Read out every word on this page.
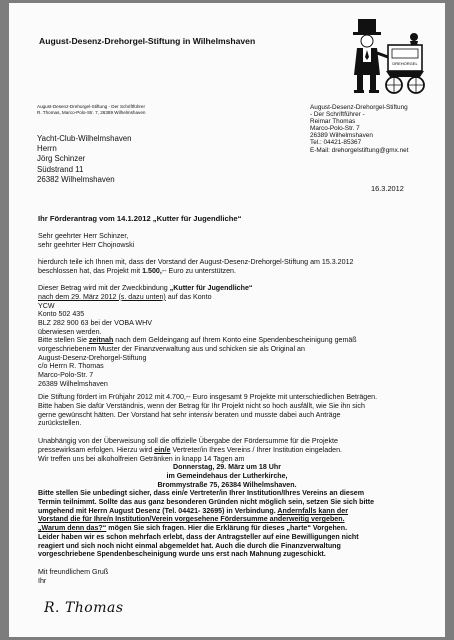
August-Desenz-Drehorgel-Stiftung in Wilhelmshaven
DREHORGEL
August-Desenz-Drehorgel-Stiftung - Der Schriftführer
R. Thomas, Marco-Polo-Str. 7, 26389 Wilhelmshaven
August-Desenz-Drehorgel-Stiftung
- Der Schriftführer -
Reimar Thomas
Marco-Polo-Str. 7
26389 Wilhelmshaven
Tel.: 04421-85367
E-Mail: drehorgelstiftung@gmx.net
Yacht-Club-Wilhelmshaven
Herrn
Jörg Schinzer
Südstrand 11
26382 Wilhelmshaven
16.3.2012
Ihr Förderantrag vom 14.1.2012 „Kutter für Jugendliche“
Sehr geehrter Herr Schinzer,
sehr geehrter Herr Chojnowski
hierdurch teile ich Ihnen mit, dass der Vorstand der August-Desenz-Drehorgel-Stiftung am 15.3.2012
beschlossen hat, das Projekt mit 1.500,-- Euro zu unterstützen.
Dieser Betrag wird mit der Zweckbindung „Kutter für Jugendliche“
nach dem 29. März 2012 (s. dazu unten) auf das Konto
YCW
Konto 502 435
BLZ 282 900 63 bei der VOBA WHV
überwiesen werden.
Bitte stellen Sie zeitnah nach dem Geldeingang auf Ihrem Konto eine Spendenbescheinigung gemäß
vorgeschriebenem Muster der Finanzverwaltung aus und schicken sie als Original an
August-Desenz-Drehorgel-Stiftung
c/o Herrn R. Thomas
Marco-Polo-Str. 7
26389 Wilhelmshaven
Die Stiftung fördert im Frühjahr 2012 mit 4.700,-- Euro insgesamt 9 Projekte mit unterschiedlichen Beträgen.
Bitte haben Sie dafür Verständnis, wenn der Betrag für Ihr Projekt nicht so hoch ausfällt, wie Sie ihn sich
gerne gewünscht hätten. Der Vorstand hat sehr intensiv beraten und musste dabei auch Anträge
zurückstellen.
Unabhängig von der Überweisung soll die offizielle Übergabe der Fördersumme für die Projekte
pressewirksam erfolgen. Hierzu wird ein/e Vertreter/in Ihres Vereins / Ihrer Institution eingeladen.
Wir treffen uns bei alkoholfreien Getränken in knapp 14 Tagen am
Donnerstag, 29. März um 18 Uhr
im Gemeindehaus der Lutherkirche,
Brommystraße 75, 26384 Wilhelmshaven.
Bitte stellen Sie unbedingt sicher, dass ein/e Vertreter/in Ihrer Institution/Ihres Vereins an diesem
Termin teilnimmt. Sollte das aus ganz besonderen Gründen nicht möglich sein, setzen Sie sich bitte
umgehend mit Herrn August Desenz (Tel. 04421- 32695) in Verbindung. Andernfalls kann der
Vorstand die für Ihre/n Institution/Verein vorgesehene Fördersumme anderweitig vergeben.
„Warum denn das?“ mögen Sie sich fragen. Hier die Erklärung für dieses „harte“ Vorgehen.
Leider haben wir es schon mehrfach erlebt, dass der Antragsteller auf eine Bewilligungen nicht
reagiert und sich noch nicht einmal abgemeldet hat. Auch die durch die Finanzverwaltung
vorgeschriebene Spendenbescheinigung wurde uns erst nach Mahnung zugeschickt.
Mit freundlichem Gruß
Ihr
R. Thomas
